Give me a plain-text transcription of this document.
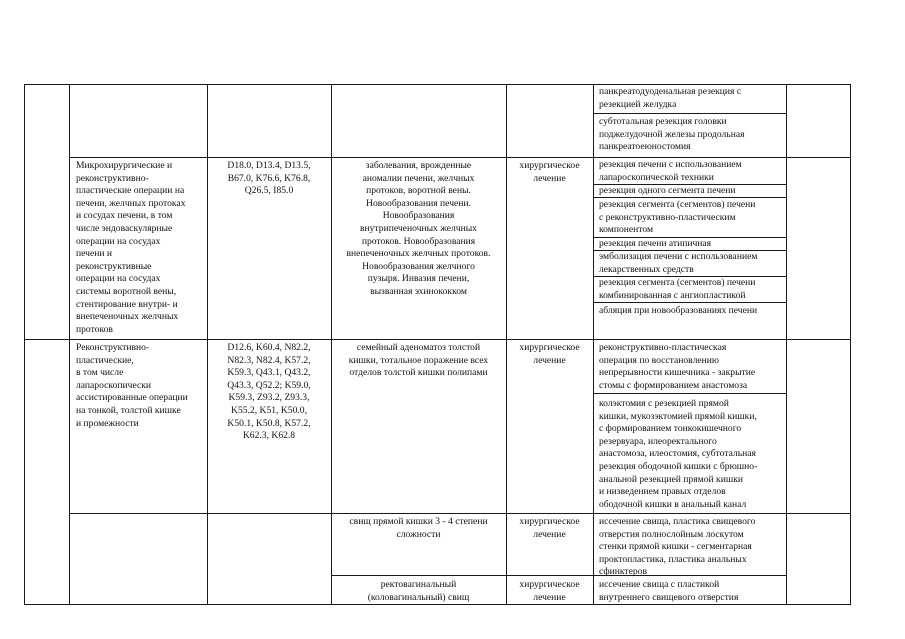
панкреатодуоденальная резекция с
резекцией желудка
субтотальная резекция головки
поджелудочной железы продольная
панкреатоеюностомия
Микрохирургические и
реконструктивно-
пластические операции на
печени, желчных протоках
и сосудах печени, в том
числе эндоваскулярные
операции на сосудах
печени и
реконструктивные
операции на сосудах
системы воротной вены,
стентирование внутри- и
внепеченочных желчных
протоков
D18.0, D13.4, D13.5,
B67.0, K76.6, K76.8,
Q26.5, I85.0
заболевания, врожденные
аномалии печени, желчных
протоков, воротной вены.
Новообразования печени.
Новообразования
внутрипеченочных желчных
протоков. Новообразования
внепеченочных желчных протоков.
Новообразования желчного
пузыря. Инвазия печени,
вызванная эхинококком
хирургическое
лечение
резекция печени с использованием
лапароскопической техники
резекция одного сегмента печени
резекция сегмента (сегментов) печени
с реконструктивно-пластическим
компонентом
резекция печени атипичная
эмболизация печени с использованием
лекарственных средств
резекция сегмента (сегментов) печени
комбинированная с ангиопластикой
абляция при новообразованиях печени
Реконструктивно-
пластические,
в том числе
лапароскопически
ассистированные операции
на тонкой, толстой кишке
и промежности
D12.6, K60.4, N82.2,
N82.3, N82.4, K57.2,
K59.3, Q43.1, Q43.2,
Q43.3, Q52.2; K59.0,
K59.3, Z93.2, Z93.3,
K55.2, K51, K50.0,
K50.1, K50.8, K57.2,
K62.3, K62.8
семейный аденоматоз толстой
кишки, тотальное поражение всех
отделов толстой кишки полипами
хирургическое
лечение
реконструктивно-пластическая
операция по восстановлению
непрерывности кишечника - закрытие
стомы с формированием анастомоза
колэктомия с резекцией прямой
кишки, мукозэктомией прямой кишки,
с формированием тонкокишечного
резервуара, илеоректального
анастомоза, илеостомия, субтотальная
резекция ободочной кишки с брюшно-
анальной резекцией прямой кишки
и низведением правых отделов
ободочной кишки в анальный канал
свищ прямой кишки 3 - 4 степени
сложности
хирургическое
лечение
иссечение свища, пластика свищевого
отверстия полнослойным лоскутом
стенки прямой кишки - сегментарная
проктопластика, пластика анальных
сфинктеров
ректовагинальный
(коловагинальный) свищ
хирургическое
лечение
иссечение свища с пластикой
внутреннего свищевого отверстия
